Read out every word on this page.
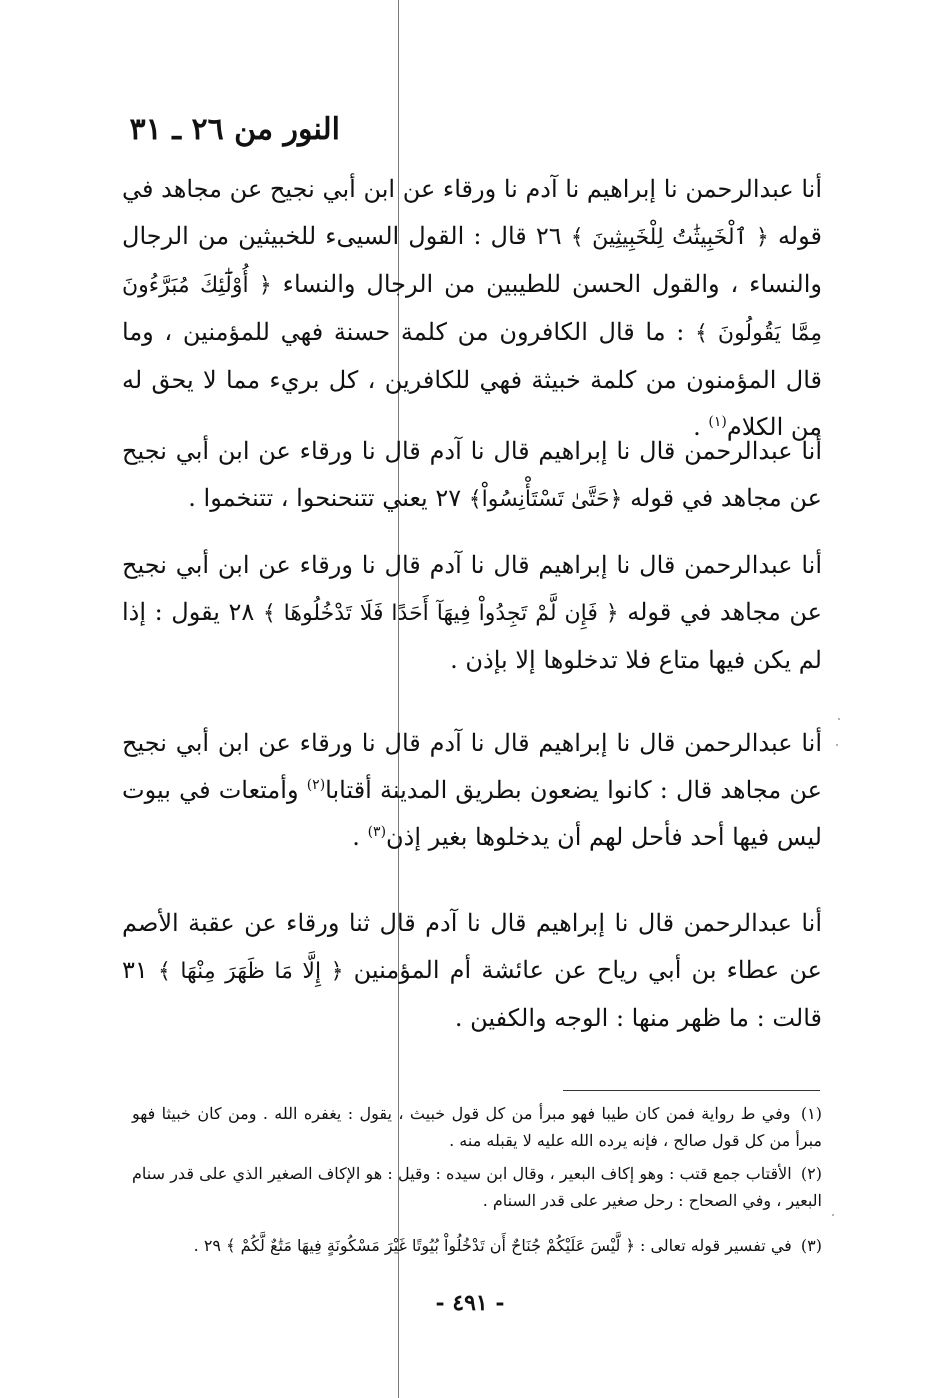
النور من ٢٦ ـ ٣١
أنا عبدالرحمن نا إبراهيم نا آدم نا ورقاء عن ابن أبي نجيح عن مجاهد في قوله ﴿ ٱلْخَبِيثَٰتُ لِلْخَبِيثِينَ ﴾ ٢٦ قال : القول السيىء للخبيثين من الرجال والنساء ، والقول الحسن للطيبين من الرجال والنساء ﴿ أُوْلَٰٓئِكَ مُبَرَّءُونَ مِمَّا يَقُولُونَ ﴾ : ما قال الكافرون من كلمة حسنة فهي للمؤمنين ، وما قال المؤمنون من كلمة خبيثة فهي للكافرين ، كل بريء مما لا يحق له من الكلام$^{(١)}$ .
أنا عبدالرحمن قال نا إبراهيم قال نا آدم قال نا ورقاء عن ابن أبي نجيح عن مجاهد في قوله ﴿حَتَّىٰ تَسْتَأْنِسُواْ﴾ ٢٧ يعني تتنحنحوا ، تتنخموا .
أنا عبدالرحمن قال نا إبراهيم قال نا آدم قال نا ورقاء عن ابن أبي نجيح عن مجاهد في قوله ﴿ فَإِن لَّمْ تَجِدُواْ فِيهَآ أَحَدًا فَلَا تَدْخُلُوهَا ﴾ ٢٨ يقول : إذا لم يكن فيها متاع فلا تدخلوها إلا بإذن .
أنا عبدالرحمن قال نا إبراهيم قال نا آدم قال نا ورقاء عن ابن أبي نجيح عن مجاهد قال : كانوا يضعون بطريق المدينة أقتابا$^{(٢)}$ وأمتعات في بيوت ليس فيها أحد فأحل لهم أن يدخلوها بغير إذن$^{(٣)}$ .
أنا عبدالرحمن قال نا إبراهيم قال نا آدم قال ثنا ورقاء عن عقبة الأصم عن عطاء بن أبي رياح عن عائشة أم المؤمنين ﴿ إِلَّا مَا ظَهَرَ مِنْهَا ﴾ ٣١ قالت : ما ظهر منها : الوجه والكفين .
(١) وفي ط رواية فمن كان طيبا فهو مبرأ من كل قول خبيث ، يقول : يغفره الله . ومن كان خبيثا فهو مبرأ من كل قول صالح ، فإنه يرده الله عليه لا يقبله منه .
(٢) الأقتاب جمع قتب : وهو إكاف البعير ، وقال ابن سيده : وقيل : هو الإكاف الصغير الذي على قدر سنام البعير ، وفي الصحاح : رحل صغير على قدر السنام .
(٣) في تفسير قوله تعالى : ﴿ لَّيْسَ عَلَيْكُمْ جُنَاحٌ أَن تَدْخُلُواْ بُيُوتًا غَيْرَ مَسْكُونَةٍ فِيهَا مَتَٰعٌ لَّكُمْ ﴾ ٢٩ .
- ٤٩١ -
